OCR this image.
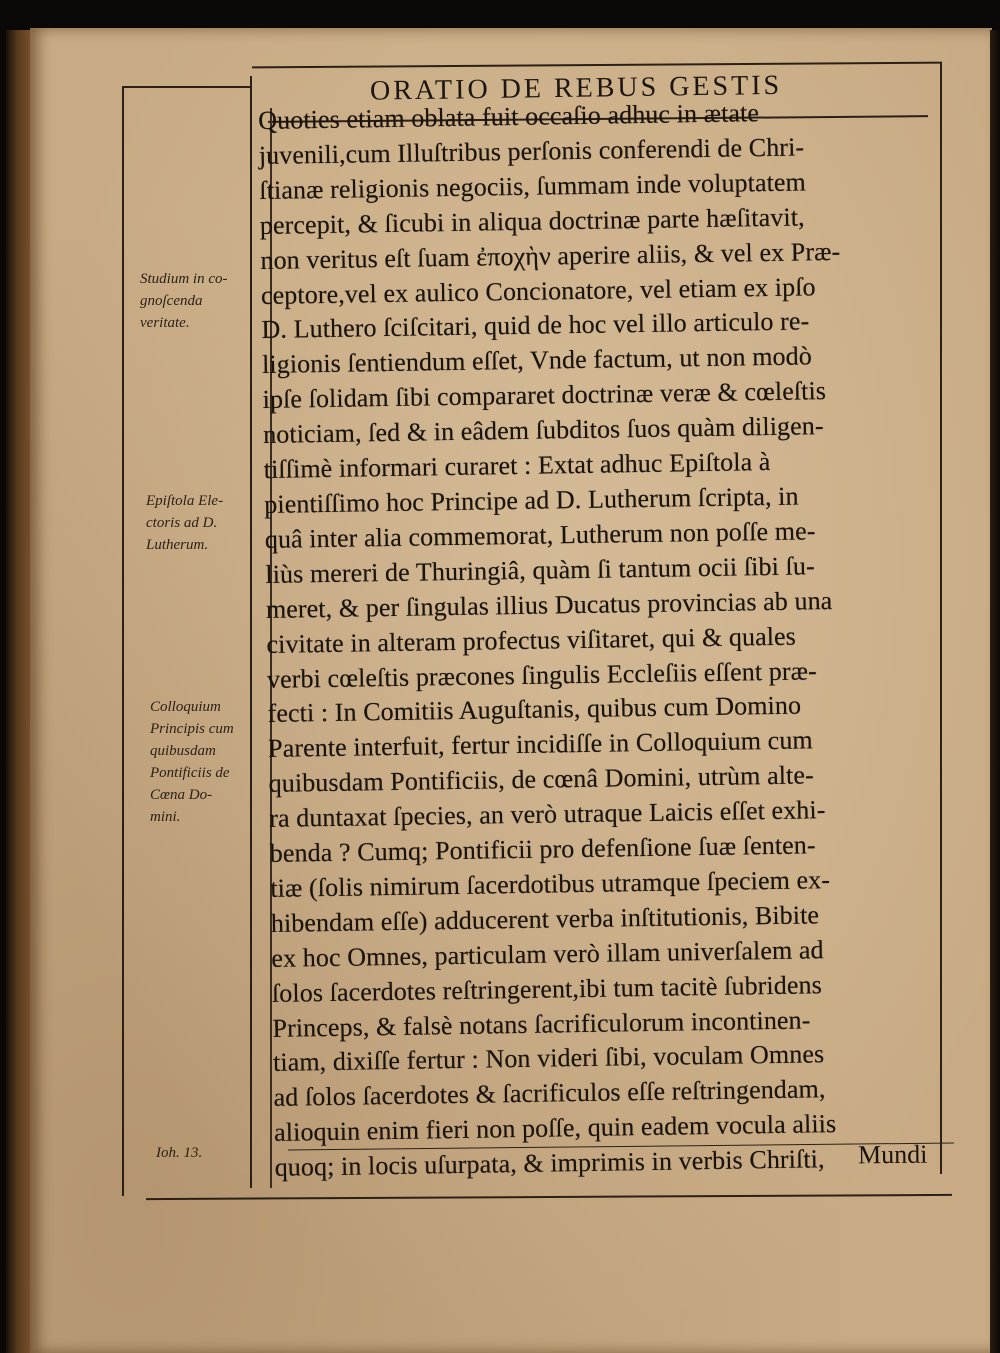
ORATIO DE REBUS GESTIS
Quoties etiam oblata fuit occaſio adhuc in ætate
juvenili,cum Illuſtribus perſonis conferendi de Chri-
ſtianæ religionis negociis, ſummam inde voluptatem
percepit, & ſicubi in aliqua doctrinæ parte hæſitavit,
non veritus eſt ſuam ἐποχὴν aperire aliis, & vel ex Præ-
ceptore,vel ex aulico Concionatore, vel etiam ex ipſo
D. Luthero ſciſcitari, quid de hoc vel illo articulo re-
ligionis ſentiendum eſſet, Vnde factum, ut non modò
ipſe ſolidam ſibi compararet doctrinæ veræ & cœleſtis
noticiam, ſed & in eâdem ſubditos ſuos quàm diligen-
tiſſimè informari curaret : Extat adhuc Epiſtola à
pientiſſimo hoc Principe ad D. Lutherum ſcripta, in
quâ inter alia commemorat, Lutherum non poſſe me-
liùs mereri de Thuringiâ, quàm ſi tantum ocii ſibi ſu-
meret, & per ſingulas illius Ducatus provincias ab una
civitate in alteram profectus viſitaret, qui & quales
verbi cœleſtis præcones ſingulis Eccleſiis eſſent præ-
fecti : In Comitiis Auguſtanis, quibus cum Domino
Parente interfuit, fertur incidiſſe in Colloquium cum
quibusdam Pontificiis, de cœnâ Domini, utrùm alte-
ra duntaxat ſpecies, an verò utraque Laicis eſſet exhi-
benda ? Cumq; Pontificii pro defenſione ſuæ ſenten-
tiæ (ſolis nimirum ſacerdotibus utramque ſpeciem ex-
hibendam eſſe) adducerent verba inſtitutionis, Bibite
ex hoc Omnes, particulam verò illam univerſalem ad
ſolos ſacerdotes reſtringerent,ibi tum tacitè ſubridens
Princeps, & falsè notans ſacrificulorum incontinen-
tiam, dixiſſe fertur : Non videri ſibi, voculam Omnes
ad ſolos ſacerdotes & ſacrificulos eſſe reſtringendam,
alioquin enim fieri non poſſe, quin eadem vocula aliis
quoq; in locis uſurpata, & imprimis in verbis Chriſti,	Mundi
Studium in co-
gnoſcenda
veritate.
Epiſtola Ele-
ctoris ad D.
Lutherum.
Colloquium
Principis cum
quibusdam
Pontificiis de
Cœna Do-
mini.
Ioh. 13.
